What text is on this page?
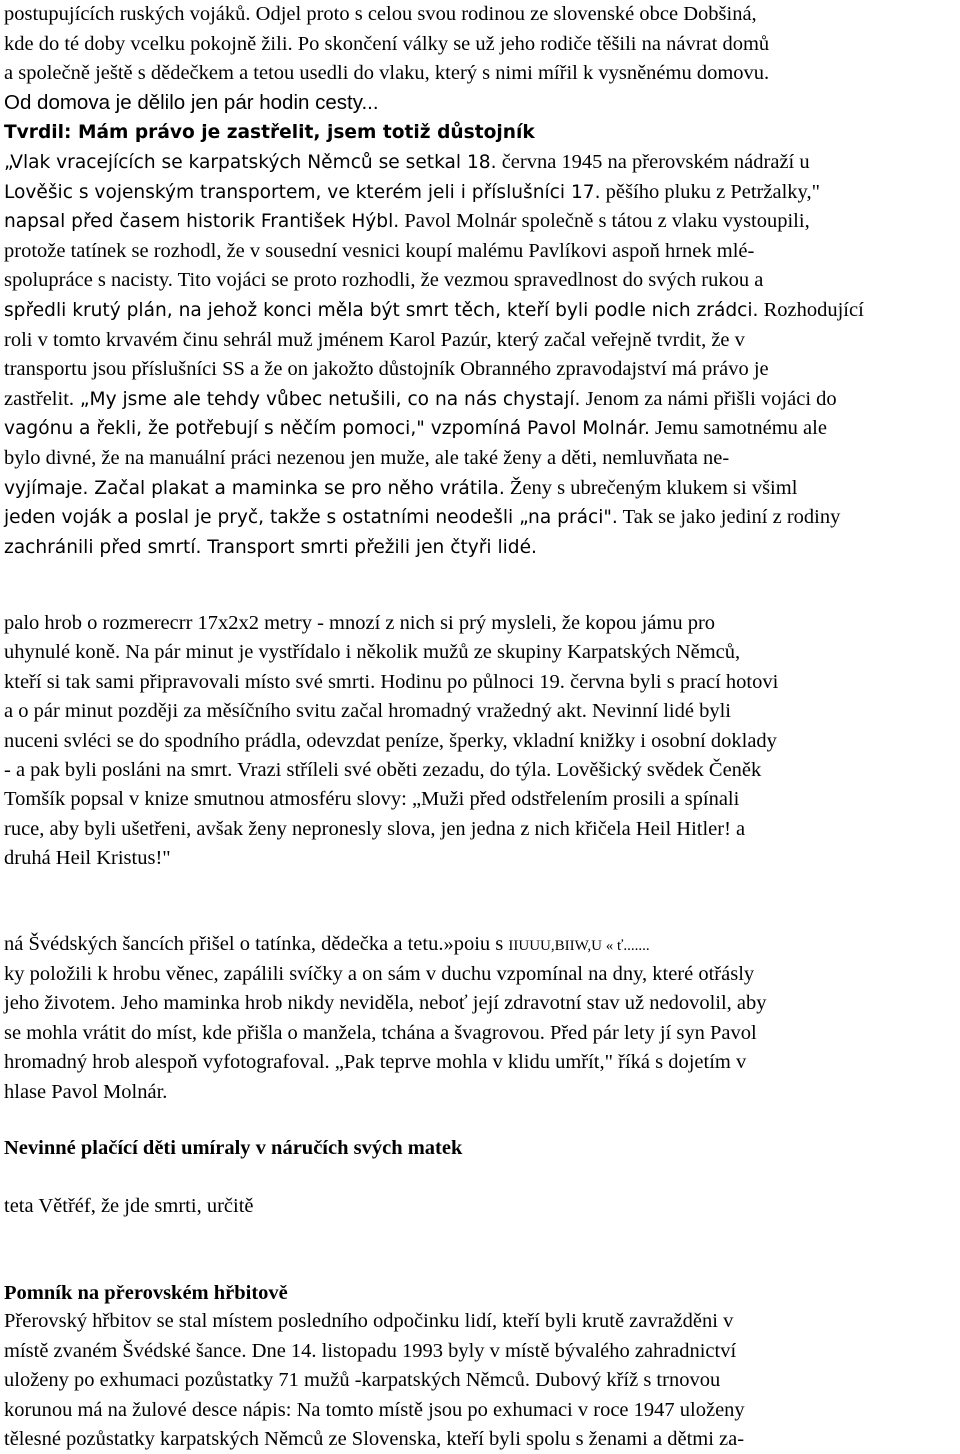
postupujících ruských vojáků. Odjel proto s celou svou rodinou ze slovenské obce Dobšiná,
kde do té doby vcelku pokojně žili. Po skončení války se už jeho rodiče těšili na návrat domů
a společně ještě s dědečkem a tetou usedli do vlaku, který s nimi mířil k vysněnému domovu.
Od domova je dělilo jen pár hodin cesty...
Tvrdil: Mám právo je zastřelit, jsem totiž důstojník
„Vlak vracejících se karpatských Němců se setkal 18. června 1945 na přerovském nádraží u
Lověšic s vojenským transportem, ve kterém jeli i příslušníci 17. pěšího pluku z Petržalky,"
napsal před časem historik František Hýbl. Pavol Molnár společně s tátou z vlaku vystoupili,
protože tatínek se rozhodl, že v sousední vesnici koupí malému Pavlíkovi aspoň hrnek mlé-
spolupráce s nacisty. Tito vojáci se proto rozhodli, že vezmou spravedlnost do svých rukou a
spředli krutý plán, na jehož konci měla být smrt těch, kteří byli podle nich zrádci. Rozhodující
roli v tomto krvavém činu sehrál muž jménem Karol Pazúr, který začal veřejně tvrdit, že v
transportu jsou příslušníci SS a že on jakožto důstojník Obranného zpravodajství má právo je
zastřelit. „My jsme ale tehdy vůbec netušili, co na nás chystají. Jenom za námi přišli vojáci do
vagónu a řekli, že potřebují s něčím pomoci," vzpomíná Pavol Molnár. Jemu samotnému ale
bylo divné, že na manuální práci nezenou jen muže, ale také ženy a děti, nemluvňata ne-
vyjímaje. Začal plakat a maminka se pro něho vrátila. Ženy s ubrečeným klukem si všiml
jeden voják a poslal je pryč, takže s ostatními neodešli „na práci". Tak se jako jediní z rodiny
zachránili před smrtí. Transport smrti přežili jen čtyři lidé.
palo hrob o rozmerecrr 17x2x2 metry - mnozí z nich si prý mysleli, že kopou jámu pro
uhynulé koně. Na pár minut je vystřídalo i několik mužů ze skupiny Karpatských Němců,
kteří si tak sami připravovali místo své smrti. Hodinu po půlnoci 19. června byli s prací hotovi
a o pár minut později za měsíčního svitu začal hromadný vražedný akt. Nevinní lidé byli
nuceni svléci se do spodního prádla, odevzdat peníze, šperky, vkladní knižky i osobní doklady
- a pak byli posláni na smrt. Vrazi stříleli své oběti zezadu, do týla. Lověšický svědek Čeněk
Tomšík popsal v knize smutnou atmosféru slovy: „Muži před odstřelením prosili a spínali
ruce, aby byli ušetřeni, avšak ženy nepronesly slova, jen jedna z nich křičela Heil Hitler! a
druhá Heil Kristus!"
ná Švédských šancích přišel o tatínka, dědečka a tetu.»poiu s IIUUU,BIIW,U « ť.......
ky položili k hrobu věnec, zapálili svíčky a on sám v duchu vzpomínal na dny, které otřásly
jeho životem. Jeho maminka hrob nikdy neviděla, neboť její zdravotní stav už nedovolil, aby
se mohla vrátit do míst, kde přišla o manžela, tchána a švagrovou. Před pár lety jí syn Pavol
hromadný hrob alespoň vyfotografoval. „Pak teprve mohla v klidu umřít," říká s dojetím v
hlase Pavol Molnár.
Nevinné plačící děti umíraly v náručích svých matek
teta Větřéf, že jde smrti, určitě
Pomník na přerovském hřbitově
Přerovský hřbitov se stal místem posledního odpočinku lidí, kteří byli krutě zavražděni v
místě zvaném Švédské šance. Dne 14. listopadu 1993 byly v místě bývalého zahradnictví
uloženy po exhumaci pozůstatky 71 mužů -karpatských Němců. Dubový kříž s trnovou
korunou má na žulové desce nápis: Na tomto místě jsou po exhumaci v roce 1947 uloženy
tělesné pozůstatky karpatských Němců ze Slovenska, kteří byli spolu s ženami a dětmi za-
